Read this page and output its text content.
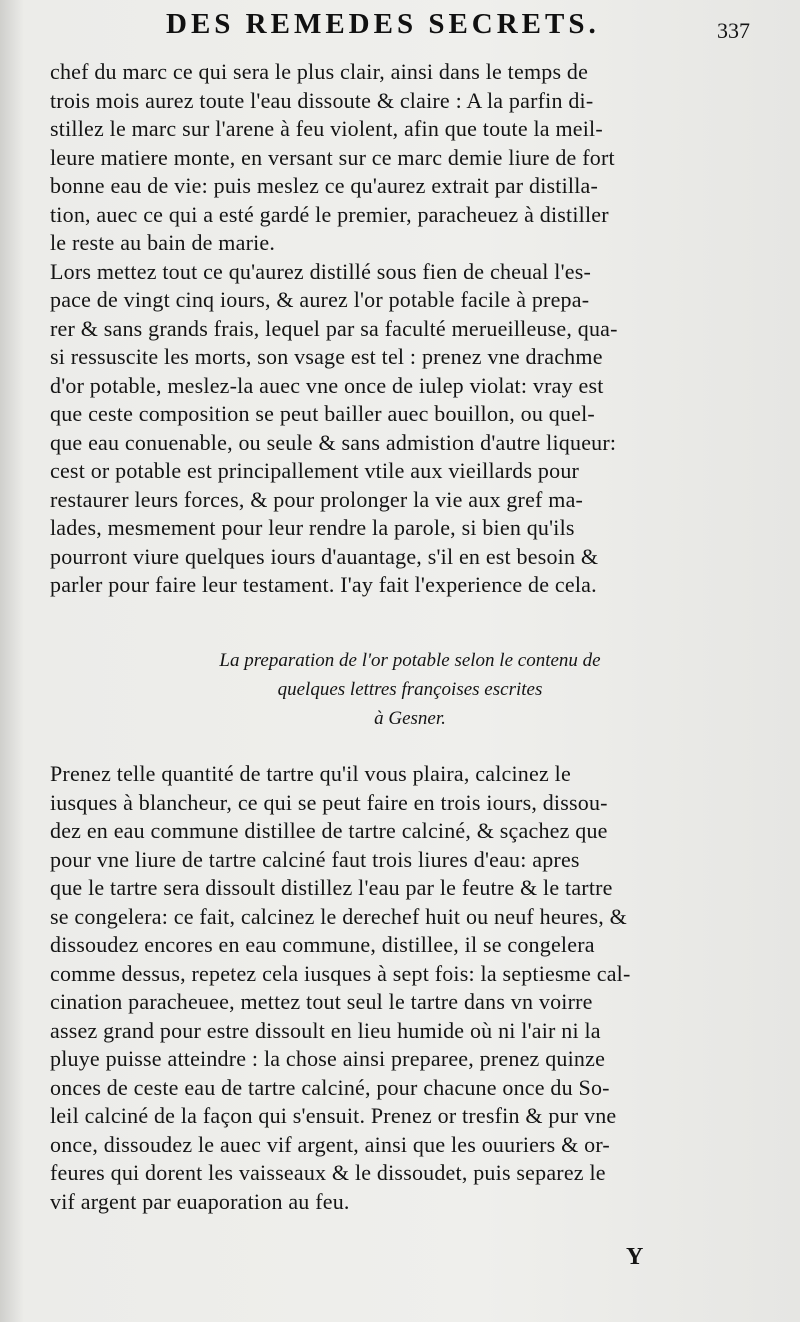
DES REMEDES SECRETS.	337

chef du marc ce qui sera le plus clair, ainsi dans le temps de
trois mois aurez toute l'eau dissoute & claire : A la parfin di-
stillez le marc sur l'arene à feu violent, afin que toute la meil-
leure matiere monte, en versant sur ce marc demie liure de fort
bonne eau de vie: puis meslez ce qu'aurez extrait par distilla-
tion, auec ce qui a esté gardé le premier, paracheuez à distiller
le reste au bain de marie.

Lors mettez tout ce qu'aurez distillé sous fien de cheual l'es-
pace de vingt cinq iours, & aurez l'or potable facile à prepa-
rer & sans grands frais, lequel par sa faculté merueilleuse, qua-
si ressuscite les morts, son vsage est tel : prenez vne drachme
d'or potable, meslez-la auec vne once de iulep violat: vray est
que ceste composition se peut bailler auec bouillon, ou quel-
que eau conuenable, ou seule & sans admistion d'autre liqueur:
cest or potable est principallement vtile aux vieillards pour
restaurer leurs forces, & pour prolonger la vie aux gref ma-
lades, mesmement pour leur rendre la parole, si bien qu'ils
pourront viure quelques iours d'auantage, s'il en est besoin &
parler pour faire leur testament. I'ay fait l'experience de cela.

La preparation de l'or potable selon le contenu de
quelques lettres françoises escrites
à Gesner.

Prenez telle quantité de tartre qu'il vous plaira, calcinez le
iusques à blancheur, ce qui se peut faire en trois iours, dissou-
dez en eau commune distillee de tartre calciné, & sçachez que
pour vne liure de tartre calciné faut trois liures d'eau: apres
que le tartre sera dissoult distillez l'eau par le feutre & le tartre
se congelera: ce fait, calcinez le derechef huit ou neuf heures, &
dissoudez encores en eau commune, distillee, il se congelera
comme dessus, repetez cela iusques à sept fois: la septiesme cal-
cination paracheuee, mettez tout seul le tartre dans vn voirre
assez grand pour estre dissoult en lieu humide où ni l'air ni la
pluye puisse atteindre : la chose ainsi preparee, prenez quinze
onces de ceste eau de tartre calciné, pour chacune once du So-
leil calciné de la façon qui s'ensuit. Prenez or tresfin & pur vne
once, dissoudez le auec vif argent, ainsi que les ouuriers & or-
feures qui dorent les vaisseaux & le dissoudet, puis separez le
vif argent par euaporation au feu.

Y
